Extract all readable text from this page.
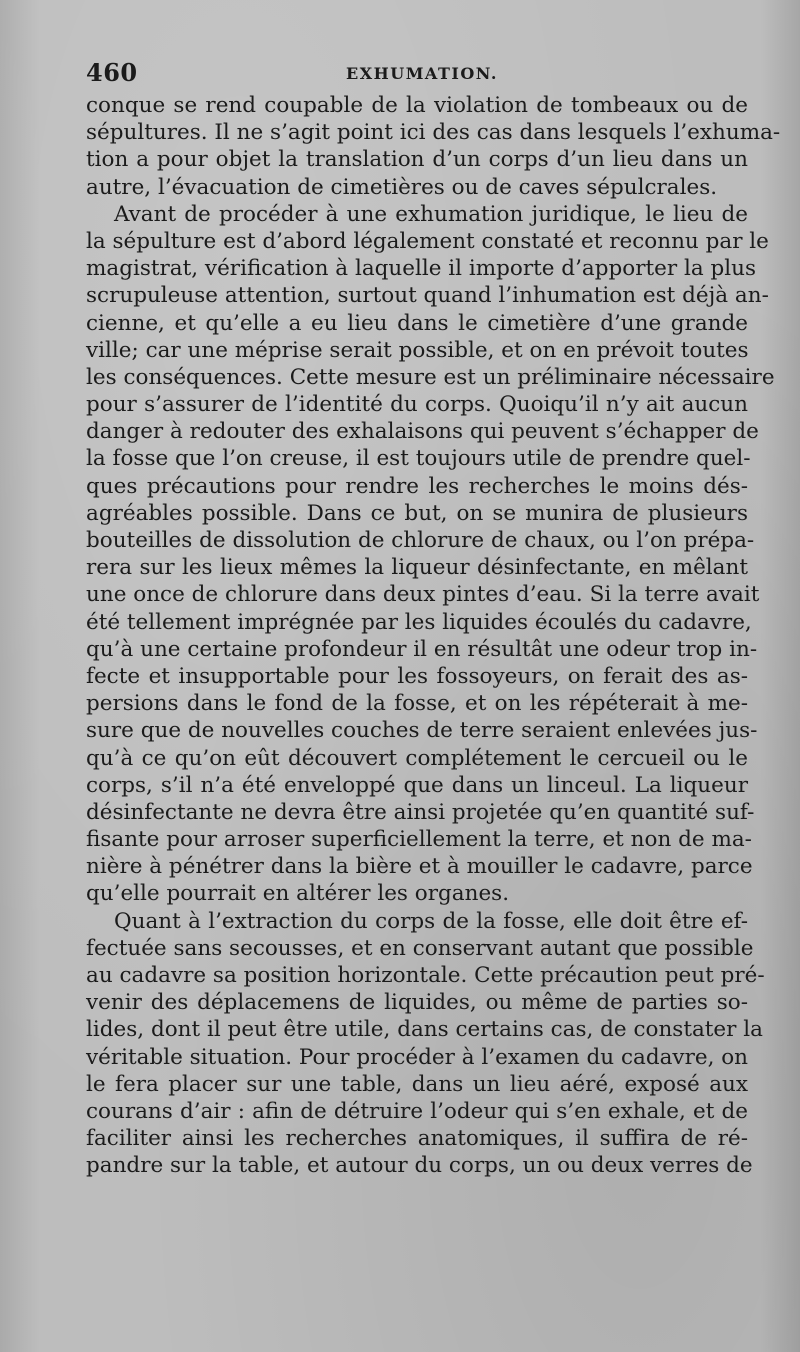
460	EXHUMATION.
conque se rend coupable de la violation de tombeaux ou de
sépultures. Il ne s’agit point ici des cas dans lesquels l’exhuma-
tion a pour objet la translation d’un corps d’un lieu dans un
autre, l’évacuation de cimetières ou de caves sépulcrales.
Avant de procéder à une exhumation juridique, le lieu de
la sépulture est d’abord légalement constaté et reconnu par le
magistrat, vérification à laquelle il importe d’apporter la plus
scrupuleuse attention, surtout quand l’inhumation est déjà an-
cienne, et qu’elle a eu lieu dans le cimetière d’une grande
ville; car une méprise serait possible, et on en prévoit toutes
les conséquences. Cette mesure est un préliminaire nécessaire
pour s’assurer de l’identité du corps. Quoiqu’il n’y ait aucun
danger à redouter des exhalaisons qui peuvent s’échapper de
la fosse que l’on creuse, il est toujours utile de prendre quel-
ques précautions pour rendre les recherches le moins dés-
agréables possible. Dans ce but, on se munira de plusieurs
bouteilles de dissolution de chlorure de chaux, ou l’on prépa-
rera sur les lieux mêmes la liqueur désinfectante, en mêlant
une once de chlorure dans deux pintes d’eau. Si la terre avait
été tellement imprégnée par les liquides écoulés du cadavre,
qu’à une certaine profondeur il en résultât une odeur trop in-
fecte et insupportable pour les fossoyeurs, on ferait des as-
persions dans le fond de la fosse, et on les répéterait à me-
sure que de nouvelles couches de terre seraient enlevées jus-
qu’à ce qu’on eût découvert complétement le cercueil ou le
corps, s’il n’a été enveloppé que dans un linceul. La liqueur
désinfectante ne devra être ainsi projetée qu’en quantité suf-
fisante pour arroser superficiellement la terre, et non de ma-
nière à pénétrer dans la bière et à mouiller le cadavre, parce
qu’elle pourrait en altérer les organes.
Quant à l’extraction du corps de la fosse, elle doit être ef-
fectuée sans secousses, et en conservant autant que possible
au cadavre sa position horizontale. Cette précaution peut pré-
venir des déplacemens de liquides, ou même de parties so-
lides, dont il peut être utile, dans certains cas, de constater la
véritable situation. Pour procéder à l’examen du cadavre, on
le fera placer sur une table, dans un lieu aéré, exposé aux
courans d’air : afin de détruire l’odeur qui s’en exhale, et de
faciliter ainsi les recherches anatomiques, il suffira de ré-
pandre sur la table, et autour du corps, un ou deux verres de
